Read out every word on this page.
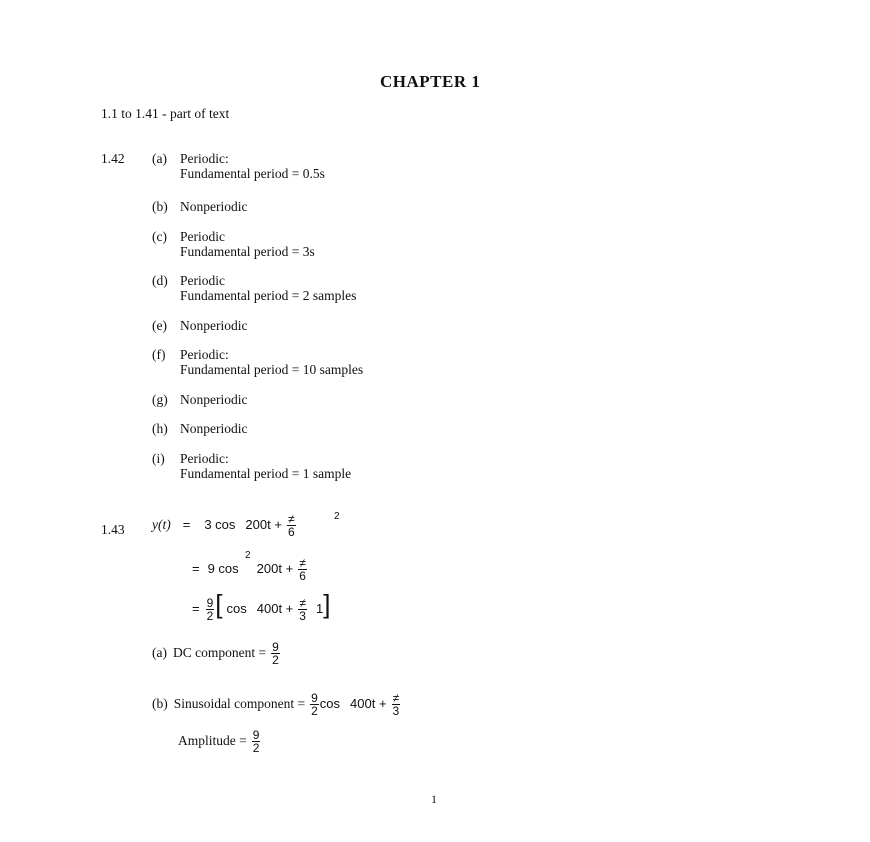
CHAPTER 1
1.1 to 1.41 - part of text
1.42 (a) Periodic:
Fundamental period = 0.5s
(b) Nonperiodic
(c) Periodic
Fundamental period = 3s
(d) Periodic
Fundamental period = 2 samples
(e) Nonperiodic
(f) Periodic:
Fundamental period = 10 samples
(g) Nonperiodic
(h) Nonperiodic
(i) Periodic:
Fundamental period = 1 sample
1.43 y(t) = 3 $\cos 200t + \frac{\ne}{6}$	2
= 9 $\cos 200t + \frac{\ne}{6}$
2
= $\frac{9}{2}$ [ $\cos 400t + \frac{\ne}{3} 1$]
(a) DC component = $\frac{9}{2}$
(b) Sinusoidal component = $\frac{9}{2}$ $\cos 400t + \frac{\ne}{3}$
Amplitude = $\frac{9}{2}$
1
